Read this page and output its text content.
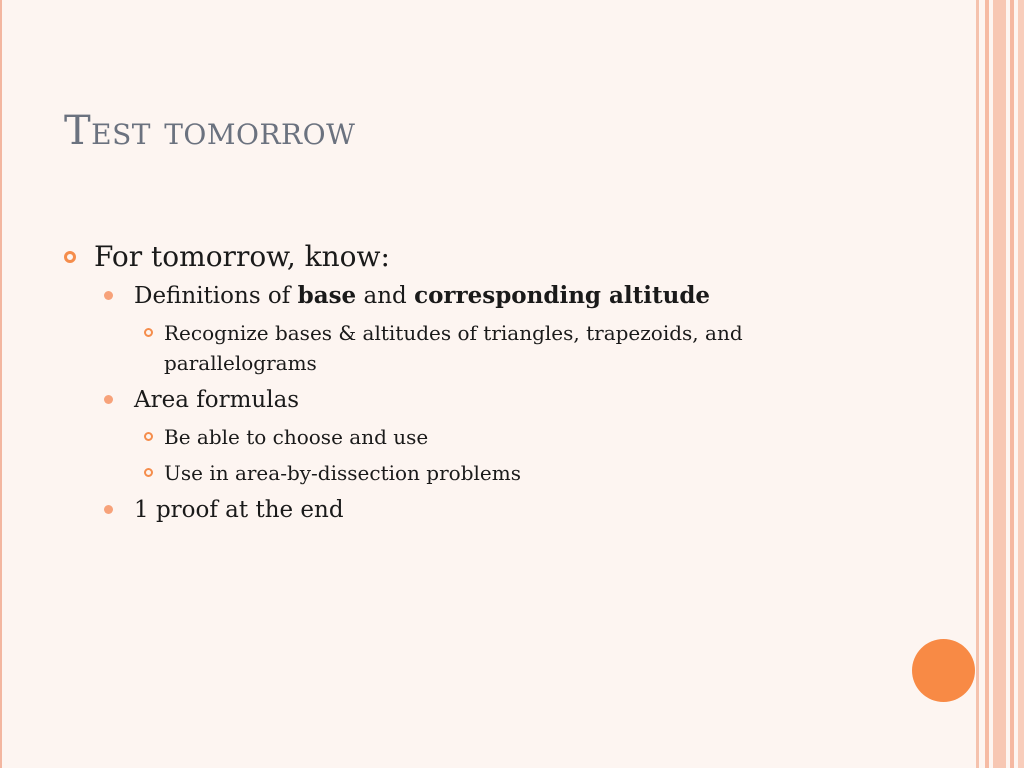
Test tomorrow
For tomorrow, know:
Definitions of base and corresponding altitude
Recognize bases & altitudes of triangles, trapezoids, and parallelograms
Area formulas
Be able to choose and use
Use in area-by-dissection problems
1 proof at the end
